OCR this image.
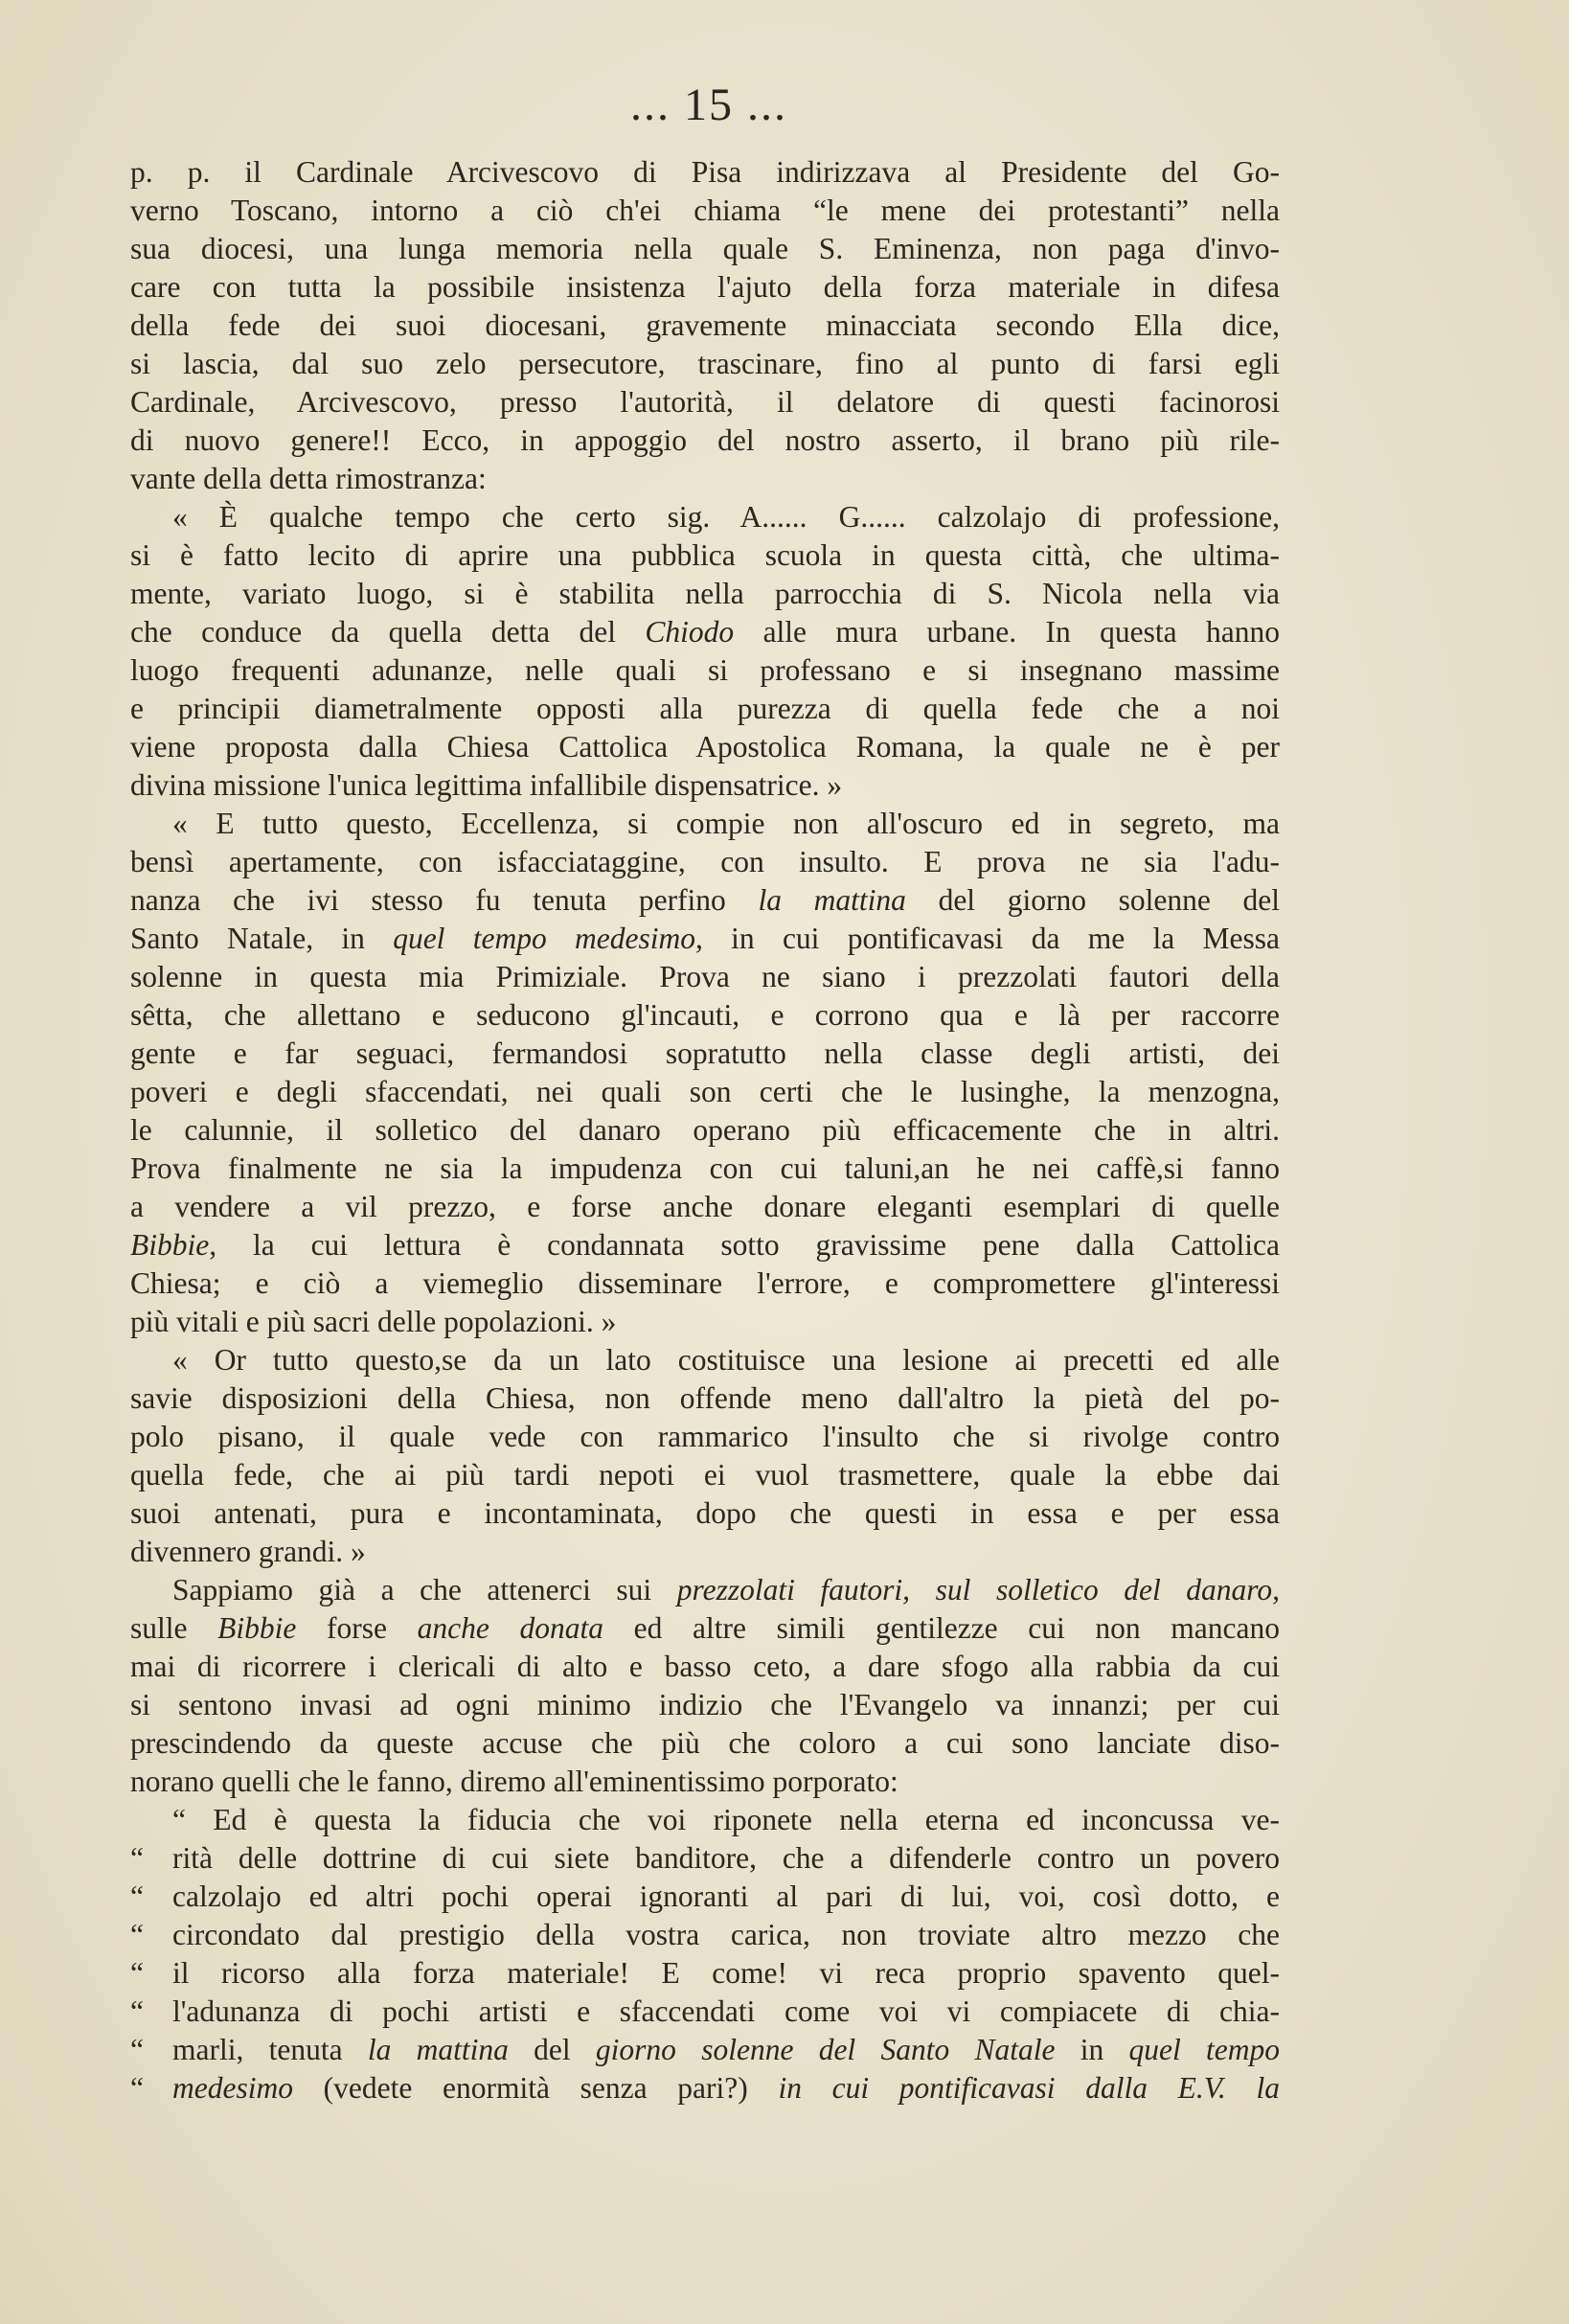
... 15 ...
p. p. il Cardinale Arcivescovo di Pisa indirizzava al Presidente del Go-
verno Toscano, intorno a ciò ch'ei chiama “le mene dei protestanti” nella
sua diocesi, una lunga memoria nella quale S. Eminenza, non paga d'invo-
care con tutta la possibile insistenza l'ajuto della forza materiale in difesa
della fede dei suoi diocesani, gravemente minacciata secondo Ella dice,
si lascia, dal suo zelo persecutore, trascinare, fino al punto di farsi egli
Cardinale, Arcivescovo, presso l'autorità, il delatore di questi facinorosi
di nuovo genere!! Ecco, in appoggio del nostro asserto, il brano più rile-
vante della detta rimostranza:
« È qualche tempo che certo sig. A...... G...... calzolajo di professione,
si è fatto lecito di aprire una pubblica scuola in questa città, che ultima-
mente, variato luogo, si è stabilita nella parrocchia di S. Nicola nella via
che conduce da quella detta del Chiodo alle mura urbane. In questa hanno
luogo frequenti adunanze, nelle quali si professano e si insegnano massime
e principii diametralmente opposti alla purezza di quella fede che a noi
viene proposta dalla Chiesa Cattolica Apostolica Romana, la quale ne è per
divina missione l'unica legittima infallibile dispensatrice. »
« E tutto questo, Eccellenza, si compie non all'oscuro ed in segreto, ma
bensì apertamente, con isfacciataggine, con insulto. E prova ne sia l'adu-
nanza che ivi stesso fu tenuta perfino la mattina del giorno solenne del
Santo Natale, in quel tempo medesimo, in cui pontificavasi da me la Messa
solenne in questa mia Primiziale. Prova ne siano i prezzolati fautori della
sêtta, che allettano e seducono gl'incauti, e corrono qua e là per raccorre
gente e far seguaci, fermandosi sopratutto nella classe degli artisti, dei
poveri e degli sfaccendati, nei quali son certi che le lusinghe, la menzogna,
le calunnie, il solletico del danaro operano più efficacemente che in altri.
Prova finalmente ne sia la impudenza con cui taluni,an he nei caffè,si fanno
a vendere a vil prezzo, e forse anche donare eleganti esemplari di quelle
Bibbie, la cui lettura è condannata sotto gravissime pene dalla Cattolica
Chiesa; e ciò a viemeglio disseminare l'errore, e compromettere gl'interessi
più vitali e più sacri delle popolazioni. »
« Or tutto questo,se da un lato costituisce una lesione ai precetti ed alle
savie disposizioni della Chiesa, non offende meno dall'altro la pietà del po-
polo pisano, il quale vede con rammarico l'insulto che si rivolge contro
quella fede, che ai più tardi nepoti ei vuol trasmettere, quale la ebbe dai
suoi antenati, pura e incontaminata, dopo che questi in essa e per essa
divennero grandi. »
Sappiamo già a che attenerci sui prezzolati fautori, sul solletico del danaro,
sulle Bibbie forse anche donata ed altre simili gentilezze cui non mancano
mai di ricorrere i clericali di alto e basso ceto, a dare sfogo alla rabbia da cui
si sentono invasi ad ogni minimo indizio che l'Evangelo va innanzi; per cui
prescindendo da queste accuse che più che coloro a cui sono lanciate diso-
norano quelli che le fanno, diremo all'eminentissimo porporato:
“ Ed è questa la fiducia che voi riponete nella eterna ed inconcussa ve-
“ rità delle dottrine di cui siete banditore, che a difenderle contro un povero
“ calzolajo ed altri pochi operai ignoranti al pari di lui, voi, così dotto, e
“ circondato dal prestigio della vostra carica, non troviate altro mezzo che
“ il ricorso alla forza materiale! E come! vi reca proprio spavento quel-
“ l'adunanza di pochi artisti e sfaccendati come voi vi compiacete di chia-
“ marli, tenuta la mattina del giorno solenne del Santo Natale in quel tempo
“ medesimo (vedete enormità senza pari?) in cui pontificavasi dalla E.V. la
